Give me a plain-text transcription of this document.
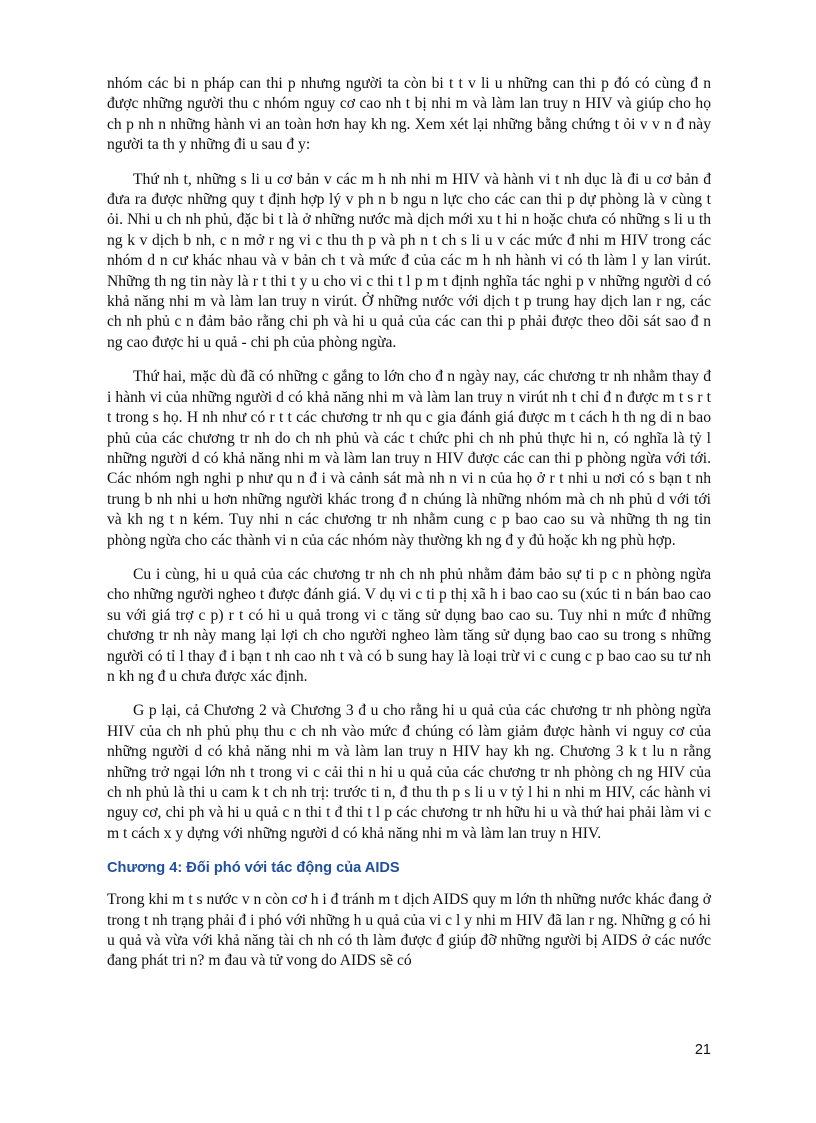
nhóm các bi n pháp can thi p nhưng người ta còn bi t t v li u những can thi p đó có cùng đ n được những người thu c nhóm nguy cơ cao nh t bị nhi m và làm lan truy n HIV và giúp cho họ ch p nh n những hành vi an toàn hơn hay kh ng. Xem xét lại những bằng chứng t ỏi v v n đ này người ta th y những đi u sau đ y:

Thứ nh t, những s li u cơ bản v các m h nh nhi m HIV và hành vi t nh dục là đi u cơ bản đ đưa ra được những quy t định hợp lý v ph n b ngu n lực cho các can thi p dự phòng là v cùng t ỏi. Nhi u ch nh phủ, đặc bi t là ở những nước mà dịch mới xu t hi n hoặc chưa có những s li u th ng k v dịch b nh, c n mở r ng vi c thu th p và ph n t ch s li u v các mức đ nhi m HIV trong các nhóm d n cư khác nhau và v bản ch t và mức đ của các m h nh hành vi có th làm l y lan virút. Những th ng tin này là r t thi t y u cho vi c thi t l p m t định nghĩa tác nghi p v những người d có khả năng nhi m và làm lan truy n virút. Ở những nước với dịch t p trung hay dịch lan r ng, các ch nh phủ c n đảm bảo rằng chi ph và hi u quả của các can thi p phải được theo dõi sát sao đ n ng cao được hi u quả - chi ph của phòng ngừa.

Thứ hai, mặc dù đã có những c gắng to lớn cho đ n ngày nay, các chương tr nh nhằm thay đ i hành vi của những người d có khả năng nhi m và làm lan truy n virút nh t chỉ đ n được m t s r t t trong s họ. H nh như có r t t các chương tr nh qu c gia đánh giá được m t cách h th ng di n bao phủ của các chương tr nh do ch nh phủ và các t chức phi ch nh phủ thực hi n, có nghĩa là tỷ l những người d có khả năng nhi m và làm lan truy n HIV được các can thi p phòng ngừa với tới. Các nhóm ngh nghi p như qu n đ i và cảnh sát mà nh n vi n của họ ở r t nhi u nơi có s bạn t nh trung b nh nhi u hơn những người khác trong đ n chúng là những nhóm mà ch nh phủ d với tới và kh ng t n kém. Tuy nhi n các chương tr nh nhằm cung c p bao cao su và những th ng tin phòng ngừa cho các thành vi n của các nhóm này thường kh ng đ y đủ hoặc kh ng phù hợp.

Cu i cùng, hi u quả của các chương tr nh ch nh phủ nhằm đảm bảo sự ti p c n phòng ngừa cho những người ngheo t được đánh giá. V dụ vi c ti p thị xã h i bao cao su (xúc ti n bán bao cao su với giá trợ c p) r t có hi u quả trong vi c tăng sử dụng bao cao su. Tuy nhi n mức đ những chương tr nh này mang lại lợi ch cho người ngheo làm tăng sử dụng bao cao su trong s những người có tỉ l thay đ i bạn t nh cao nh t và có b sung hay là loại trừ vi c cung c p bao cao su tư nh n kh ng đ u chưa được xác định.

G p lại, cả Chương 2 và Chương 3 đ u cho rằng hi u quả của các chương tr nh phòng ngừa HIV của ch nh phủ phụ thu c ch nh vào mức đ chúng có làm giảm được hành vi nguy cơ của những người d có khả năng nhi m và làm lan truy n HIV hay kh ng. Chương 3 k t lu n rằng những trở ngại lớn nh t trong vi c cải thi n hi u quả của các chương tr nh phòng ch ng HIV của ch nh phủ là thi u cam k t ch nh trị: trước ti n, đ thu th p s li u v tỷ l hi n nhi m HIV, các hành vi nguy cơ, chi ph và hi u quả c n thi t đ thi t l p các chương tr nh hữu hi u và thứ hai phải làm vi c m t cách x y dựng với những người d có khả năng nhi m và làm lan truy n HIV.

Chương 4: Đối phó với tác động của AIDS

Trong khi m t s nước v n còn cơ h i đ tránh m t dịch AIDS quy m lớn th những nước khác đang ở trong t nh trạng phải đ i phó với những h u quả của vi c l y nhi m HIV đã lan r ng. Những g có hi u quả và vừa với khả năng tài ch nh có th làm được đ giúp đỡ những người bị AIDS ở các nước đang phát tri n? m đau và tử vong do AIDS sẽ có

21
